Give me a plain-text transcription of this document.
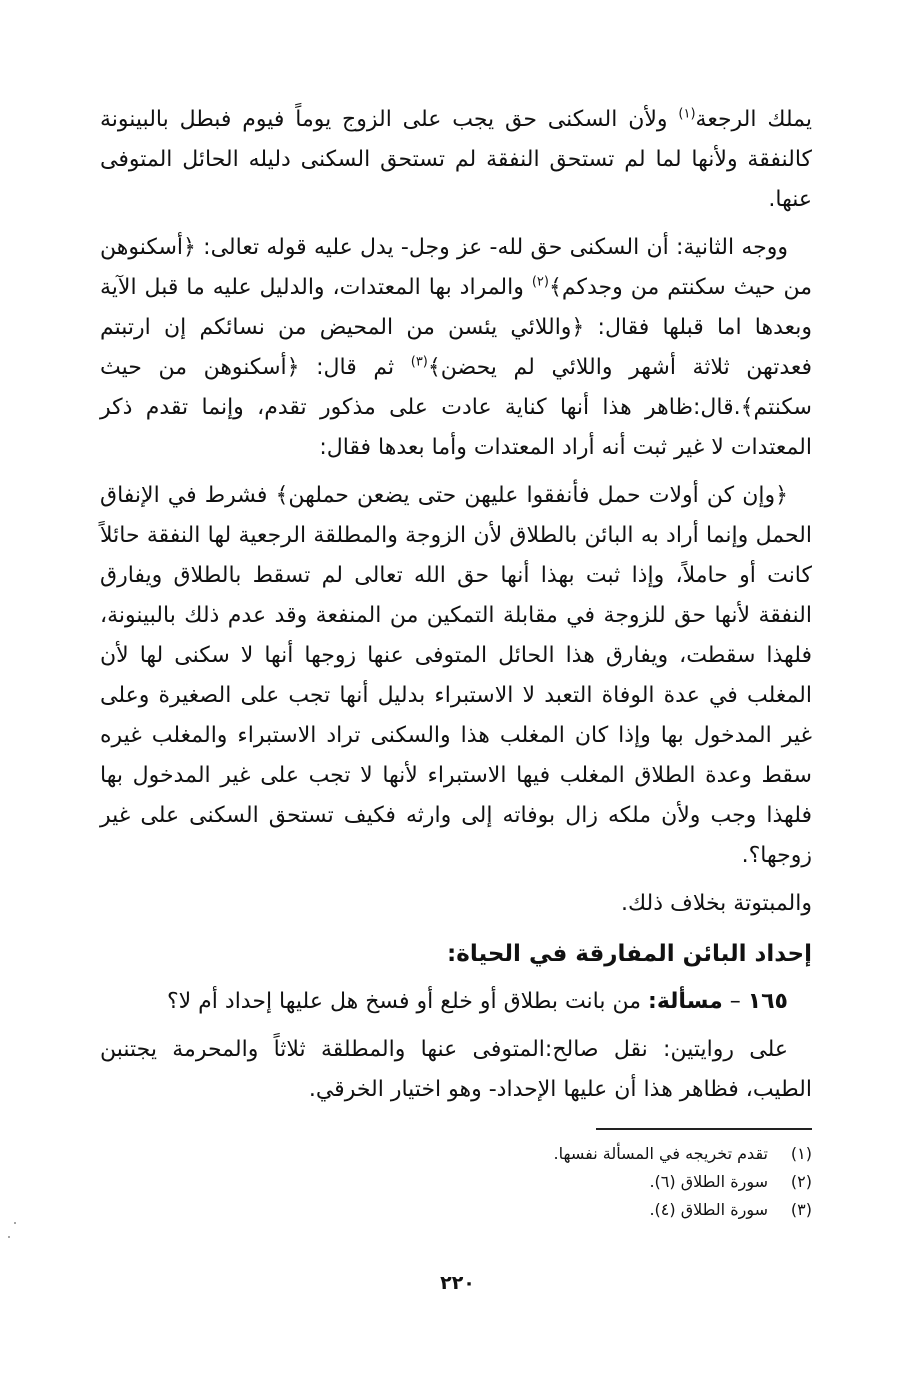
يملك الرجعة$^{(١)}$ ولأن السكنى حق يجب على الزوج يوماً فيوم فبطل بالبينونة كالنفقة ولأنها لما لم تستحق النفقة لم تستحق السكنى دليله الحائل المتوفى عنها.

ووجه الثانية: أن السكنى حق لله- عز وجل- يدل عليه قوله تعالى: ﴿أسكنوهن من حيث سكنتم من وجدكم﴾$^{(٢)}$ والمراد بها المعتدات، والدليل عليه ما قبل الآية وبعدها اما قبلها فقال: ﴿واللائي يئسن من المحيض من نسائكم إن ارتبتم فعدتهن ثلاثة أشهر واللائي لم يحضن﴾$^{(٣)}$ ثم قال: ﴿أسكنوهن من حيث سكنتم﴾.قال:ظاهر هذا أنها كناية عادت على مذكور تقدم، وإنما تقدم ذكر المعتدات لا غير ثبت أنه أراد المعتدات وأما بعدها فقال:

﴿وإن كن أولات حمل فأنفقوا عليهن حتى يضعن حملهن﴾ فشرط في الإنفاق الحمل وإنما أراد به البائن بالطلاق لأن الزوجة والمطلقة الرجعية لها النفقة حائلاً كانت أو حاملاً، وإذا ثبت بهذا أنها حق الله تعالى لم تسقط بالطلاق ويفارق النفقة لأنها حق للزوجة في مقابلة التمكين من المنفعة وقد عدم ذلك بالبينونة، فلهذا سقطت، ويفارق هذا الحائل المتوفى عنها زوجها أنها لا سكنى لها لأن المغلب في عدة الوفاة التعبد لا الاستبراء بدليل أنها تجب على الصغيرة وعلى غير المدخول بها وإذا كان المغلب هذا والسكنى تراد الاستبراء والمغلب غيره سقط وعدة الطلاق المغلب فيها الاستبراء لأنها لا تجب على غير المدخول بها فلهذا وجب ولأن ملكه زال بوفاته إلى وارثه فكيف تستحق السكنى على غير زوجها؟.

والمبتوتة بخلاف ذلك.

إحداد البائن المفارقة في الحياة:

١٦٥ – مسألة: من بانت بطلاق أو خلع أو فسخ هل عليها إحداد أم لا؟

على روايتين: نقل صالح:المتوفى عنها والمطلقة ثلاثاً والمحرمة يجتنبن الطيب، فظاهر هذا أن عليها الإحداد- وهو اختيار الخرقي.

(١)
تقدم تخريجه في المسألة نفسها.
(٢)
سورة الطلاق (٦).
(٣)
سورة الطلاق (٤).
٢٢٠
